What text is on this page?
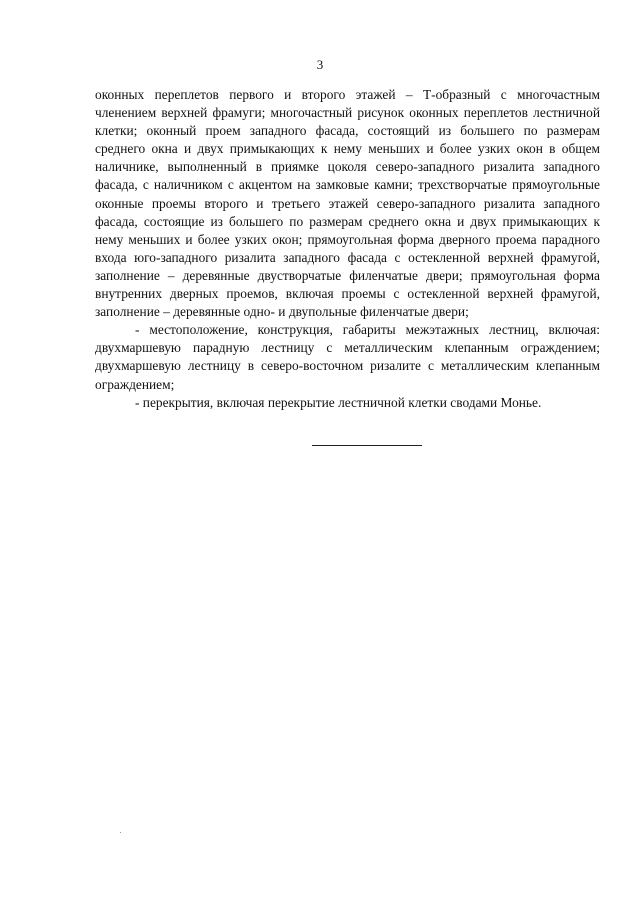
3

оконных переплетов первого и второго этажей – Т-образный с многочастным членением верхней фрамуги; многочастный рисунок оконных переплетов лестничной клетки; оконный проем западного фасада, состоящий из большего по размерам среднего окна и двух примыкающих к нему меньших и более узких окон в общем наличнике, выполненный в приямке цоколя северо-западного ризалита западного фасада, с наличником с акцентом на замковые камни; трехстворчатые прямоугольные оконные проемы второго и третьего этажей северо-западного ризалита западного фасада, состоящие из большего по размерам среднего окна и двух примыкающих к нему меньших и более узких окон; прямоугольная форма дверного проема парадного входа юго-западного ризалита западного фасада с остекленной верхней фрамугой, заполнение – деревянные двустворчатые филенчатые двери; прямоугольная форма внутренних дверных проемов, включая проемы с остекленной верхней фрамугой, заполнение – деревянные одно- и двупольные филенчатые двери;

- местоположение, конструкция, габариты межэтажных лестниц, включая: двухмаршевую парадную лестницу с металлическим клепанным ограждением; двухмаршевую лестницу в северо-восточном ризалите с металлическим клепанным ограждением;

- перекрытия, включая перекрытие лестничной клетки сводами Монье.
